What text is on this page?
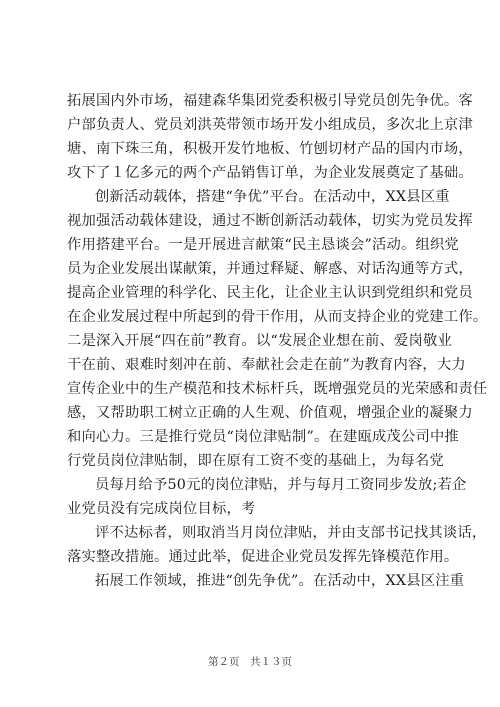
拓展国内外市场，福建森华集团党委积极引导党员创先争优。客
户部负责人、党员刘洪英带领市场开发小组成员，多次北上京津
塘、南下珠三角，积极开发竹地板、竹刨切材产品的国内市场，
攻下了１亿多元的两个产品销售订单，为企业发展奠定了基础。
创新活动载体，搭建“争优”平台。在活动中，XX县区重
视加强活动载体建设，通过不断创新活动载体，切实为党员发挥
作用搭建平台。一是开展进言献策“民主恳谈会”活动。组织党
员为企业发展出谋献策，并通过释疑、解惑、对话沟通等方式，
提高企业管理的科学化、民主化，让企业主认识到党组织和党员
在企业发展过程中所起到的骨干作用，从而支持企业的党建工作。
二是深入开展“四在前”教育。以“发展企业想在前、爱岗敬业
干在前、艰难时刻冲在前、奉献社会走在前”为教育内容，大力
宣传企业中的生产模范和技术标杆兵，既增强党员的光荣感和责任
感，又帮助职工树立正确的人生观、价值观，增强企业的凝聚力
和向心力。三是推行党员“岗位津贴制”。在建瓯成茂公司中推
行党员岗位津贴制，即在原有工资不变的基础上，为每名党
员每月给予50元的岗位津贴，并与每月工资同步发放;若企
业党员没有完成岗位目标，考
评不达标者，则取消当月岗位津贴，并由支部书记找其谈话，
落实整改措施。通过此举，促进企业党员发挥先锋模范作用。
拓展工作领域，推进“创先争优”。在活动中，XX县区注重
第２页　共１３页
